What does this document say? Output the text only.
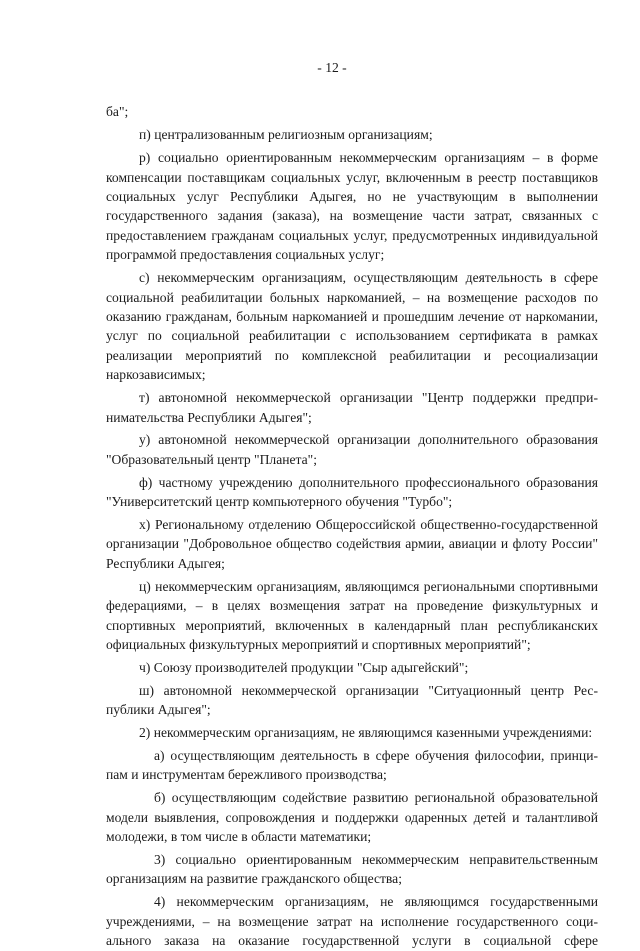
- 12 -

ба";

п) централизованным религиозным организациям;

р) социально ориентированным некоммерческим организациям – в форме компенсации поставщикам социальных услуг, включенным в реестр поставщиков социальных услуг Республики Адыгея, но не участвующим в выполнении государственного задания (заказа), на возмещение части затрат, связанных с предоставлением гражданам социальных услуг, предусмотренных индивидуальной программой предоставления социальных услуг;

с) некоммерческим организациям, осуществляющим деятельность в сфере социальной реабилитации больных наркоманией, – на возмещение расходов по оказанию гражданам, больным наркоманией и прошедшим лечение от наркомании, услуг по социальной реабилитации с использованием сертификата в рамках реализации мероприятий по комплексной реабилитации и ресоциализации наркозависимых;

т) автономной некоммерческой организации "Центр поддержки предпринимательства Республики Адыгея";

у) автономной некоммерческой организации дополнительного образования "Образовательный центр "Планета";

ф) частному учреждению дополнительного профессионального образования "Университетский центр компьютерного обучения "Турбо";

х) Региональному отделению Общероссийской общественно-государственной организации "Добровольное общество содействия армии, авиации и флоту России" Республики Адыгея;

ц) некоммерческим организациям, являющимся региональными спортивными федерациями, – в целях возмещения затрат на проведение физкультурных и спортивных мероприятий, включенных в календарный план республиканских официальных физкультурных мероприятий и спортивных мероприятий";

ч) Союзу производителей продукции "Сыр адыгейский";

ш) автономной некоммерческой организации "Ситуационный центр Республики Адыгея";

2) некоммерческим организациям, не являющимся казенными учреждениями:

а) осуществляющим деятельность в сфере обучения философии, принципам и инструментам бережливого производства;

б) осуществляющим содействие развитию региональной образовательной модели выявления, сопровождения и поддержки одаренных детей и талантливой молодежи, в том числе в области математики;

3) социально ориентированным некоммерческим неправительственным организациям на развитие гражданского общества;

4) некоммерческим организациям, не являющимся государственными учреждениями, – на возмещение затрат на исполнение государственного социального заказа на оказание государственной услуги в социальной сфере
